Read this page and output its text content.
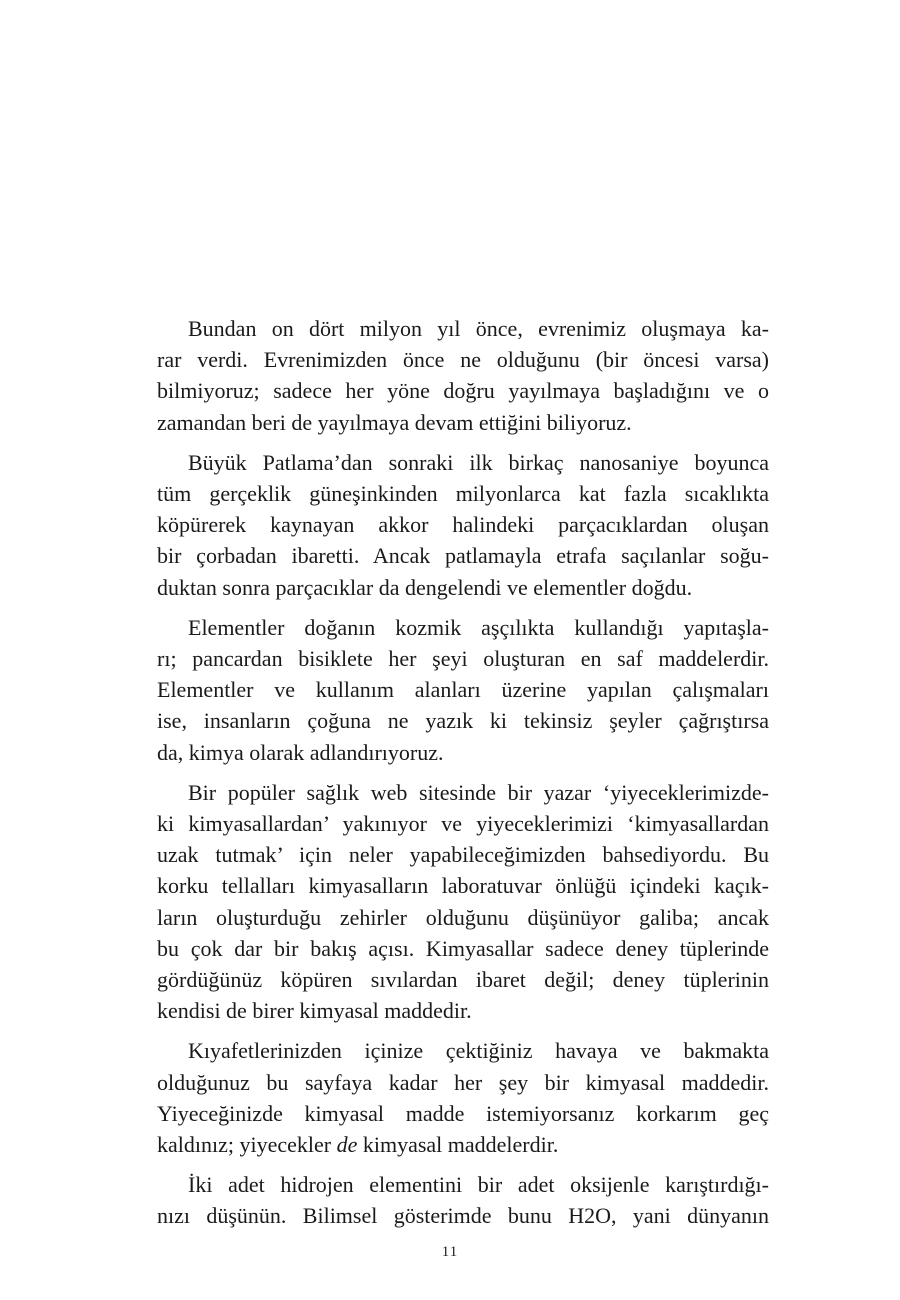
Bundan on dört milyon yıl önce, evrenimiz oluşmaya ka-
rar verdi. Evrenimizden önce ne olduğunu (bir öncesi varsa)
bilmiyoruz; sadece her yöne doğru yayılmaya başladığını ve o
zamandan beri de yayılmaya devam ettiğini biliyoruz.

Büyük Patlama’dan sonraki ilk birkaç nanosaniye boyunca
tüm gerçeklik güneşinkinden milyonlarca kat fazla sıcaklıkta
köpürerek kaynayan akkor halindeki parçacıklardan oluşan
bir çorbadan ibaretti. Ancak patlamayla etrafa saçılanlar soğu-
duktan sonra parçacıklar da dengelendi ve elementler doğdu.

Elementler doğanın kozmik aşçılıkta kullandığı yapıtaşla-
rı; pancardan bisiklete her şeyi oluşturan en saf maddelerdir.
Elementler ve kullanım alanları üzerine yapılan çalışmaları
ise, insanların çoğuna ne yazık ki tekinsiz şeyler çağrıştırsa
da, kimya olarak adlandırıyoruz.

Bir popüler sağlık web sitesinde bir yazar ‘yiyeceklerimizde-
ki kimyasallardan’ yakınıyor ve yiyeceklerimizi ‘kimyasallardan
uzak tutmak’ için neler yapabileceğimizden bahsediyordu. Bu
korku tellalları kimyasalların laboratuvar önlüğü içindeki kaçık-
ların oluşturduğu zehirler olduğunu düşünüyor galiba; ancak
bu çok dar bir bakış açısı. Kimyasallar sadece deney tüplerinde
gördüğünüz köpüren sıvılardan ibaret değil; deney tüplerinin
kendisi de birer kimyasal maddedir.

Kıyafetlerinizden içinize çektiğiniz havaya ve bakmakta
olduğunuz bu sayfaya kadar her şey bir kimyasal maddedir.
Yiyeceğinizde kimyasal madde istemiyorsanız korkarım geç
kaldınız; yiyecekler de kimyasal maddelerdir.

İki adet hidrojen elementini bir adet oksijenle karıştırdığı-
nızı düşünün. Bilimsel gösterimde bunu H2O, yani dünyanın

11
